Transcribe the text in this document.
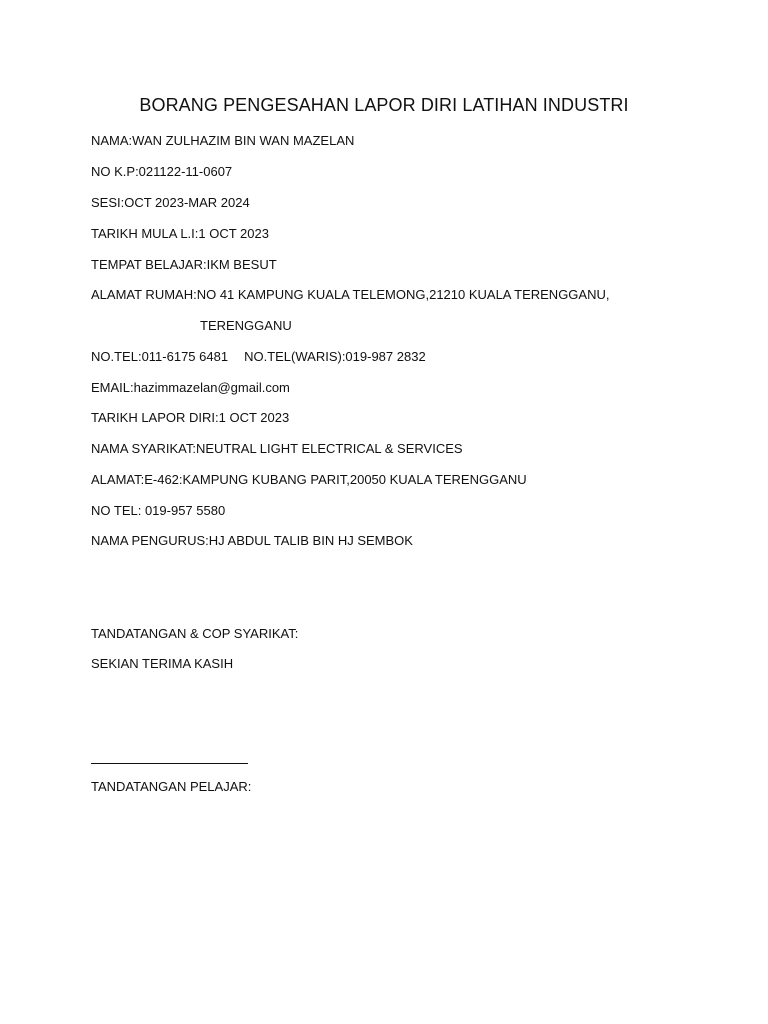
BORANG PENGESAHAN LAPOR DIRI LATIHAN INDUSTRI
NAMA:WAN ZULHAZIM BIN WAN MAZELAN
NO K.P:021122-11-0607
SESI:OCT 2023-MAR 2024
TARIKH MULA L.I:1 OCT 2023
TEMPAT BELAJAR:IKM BESUT
ALAMAT RUMAH:NO 41 KAMPUNG KUALA TELEMONG,21210 KUALA TERENGGANU,
TERENGGANU
NO.TEL:011-6175 6481 NO.TEL(WARIS):019-987 2832
EMAIL:hazimmazelan@gmail.com
TARIKH LAPOR DIRI:1 OCT 2023
NAMA SYARIKAT:NEUTRAL LIGHT ELECTRICAL & SERVICES
ALAMAT:E-462:KAMPUNG KUBANG PARIT,20050 KUALA TERENGGANU
NO TEL: 019-957 5580
NAMA PENGURUS:HJ ABDUL TALIB BIN HJ SEMBOK
TANDATANGAN & COP SYARIKAT:
SEKIAN TERIMA KASIH
TANDATANGAN PELAJAR:
